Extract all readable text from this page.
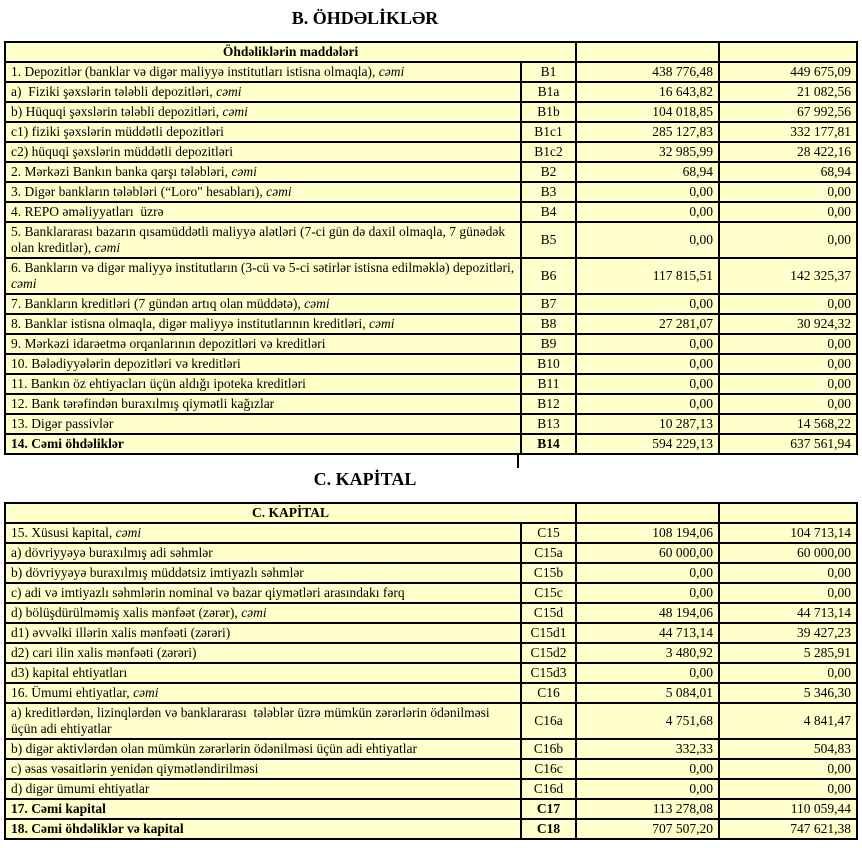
B. ÖHDƏLİKLƏR
Öhdəliklərin maddələri			
1. Depozitlər (banklar və digər maliyyə institutları istisna olmaqla), cəmi	B1	438 776,48	449 675,09
a)  Fiziki şəxslərin tələbli depozitləri, cəmi	B1a	16 643,82	21 082,56
b) Hüquqi şəxslərin tələbli depozitləri, cəmi	B1b	104 018,85	67 992,56
c1) fiziki şəxslərin müddətli depozitləri	B1c1	285 127,83	332 177,81
c2) hüquqi şəxslərin müddətli depozitləri	B1c2	32 985,99	28 422,16
2. Mərkəzi Bankın banka qarşı tələbləri, cəmi	B2	68,94	68,94
3. Digər bankların tələbləri (“Loro" hesabları), cəmi	B3	0,00	0,00
4. REPO əməliyyatları  üzrə	B4	0,00	0,00
5. Banklararası bazarın qısamüddətli maliyyə alətləri (7-ci gün də daxil olmaqla, 7 günədək olan kreditlər), cəmi	B5	0,00	0,00
6. Bankların və digər maliyyə institutların (3-cü və 5-ci sətirlər istisna edilməklə) depozitləri, cəmi	B6	117 815,51	142 325,37
7. Bankların kreditləri (7 gündən artıq olan müddətə), cəmi	B7	0,00	0,00
8. Banklar istisna olmaqla, digər maliyyə institutlarının kreditləri, cəmi	B8	27 281,07	30 924,32
9. Mərkəzi idarəetmə orqanlarının depozitləri və kreditləri	B9	0,00	0,00
10. Bələdiyyələrin depozitləri və kreditləri	B10	0,00	0,00
11. Bankın öz ehtiyacları üçün aldığı ipoteka kreditləri	B11	0,00	0,00
12. Bank tərəfindən buraxılmış qiymətli kağızlar	B12	0,00	0,00
13. Digər passivlər	B13	10 287,13	14 568,22
14. Cəmi öhdəliklər	B14	594 229,13	637 561,94
C. KAPİTAL
C. KAPİTAL			
15. Xüsusi kapital, cəmi	C15	108 194,06	104 713,14
a) dövriyyəyə buraxılmış adi səhmlər	C15a	60 000,00	60 000,00
b) dövriyyəyə buraxılmış müddətsiz imtiyazlı səhmlər	C15b	0,00	0,00
c) adi və imtiyazlı səhmlərin nominal və bazar qiymətləri arasındakı fərq	C15c	0,00	0,00
d) bölüşdürülməmiş xalis mənfəət (zərər), cəmi	C15d	48 194,06	44 713,14
d1) əvvəlki illərin xalis mənfəəti (zərəri)	C15d1	44 713,14	39 427,23
d2) cari ilin xalis mənfəəti (zərəri)	C15d2	3 480,92	5 285,91
d3) kapital ehtiyatları	C15d3	0,00	0,00
16. Ümumi ehtiyatlar, cəmi	C16	5 084,01	5 346,30
a) kreditlərdən, lizinqlərdən və banklararası  tələblər üzrə mümkün zərərlərin ödənilməsi üçün adi ehtiyatlar	C16a	4 751,68	4 841,47
b) digər aktivlərdən olan mümkün zərərlərin ödənilməsi üçün adi ehtiyatlar	C16b	332,33	504,83
c) əsas vəsaitlərin yenidən qiymətləndirilməsi	C16c	0,00	0,00
d) digər ümumi ehtiyatlar	C16d	0,00	0,00
17. Cəmi kapital	C17	113 278,08	110 059,44
18. Cəmi öhdəliklər və kapital	C18	707 507,20	747 621,38
